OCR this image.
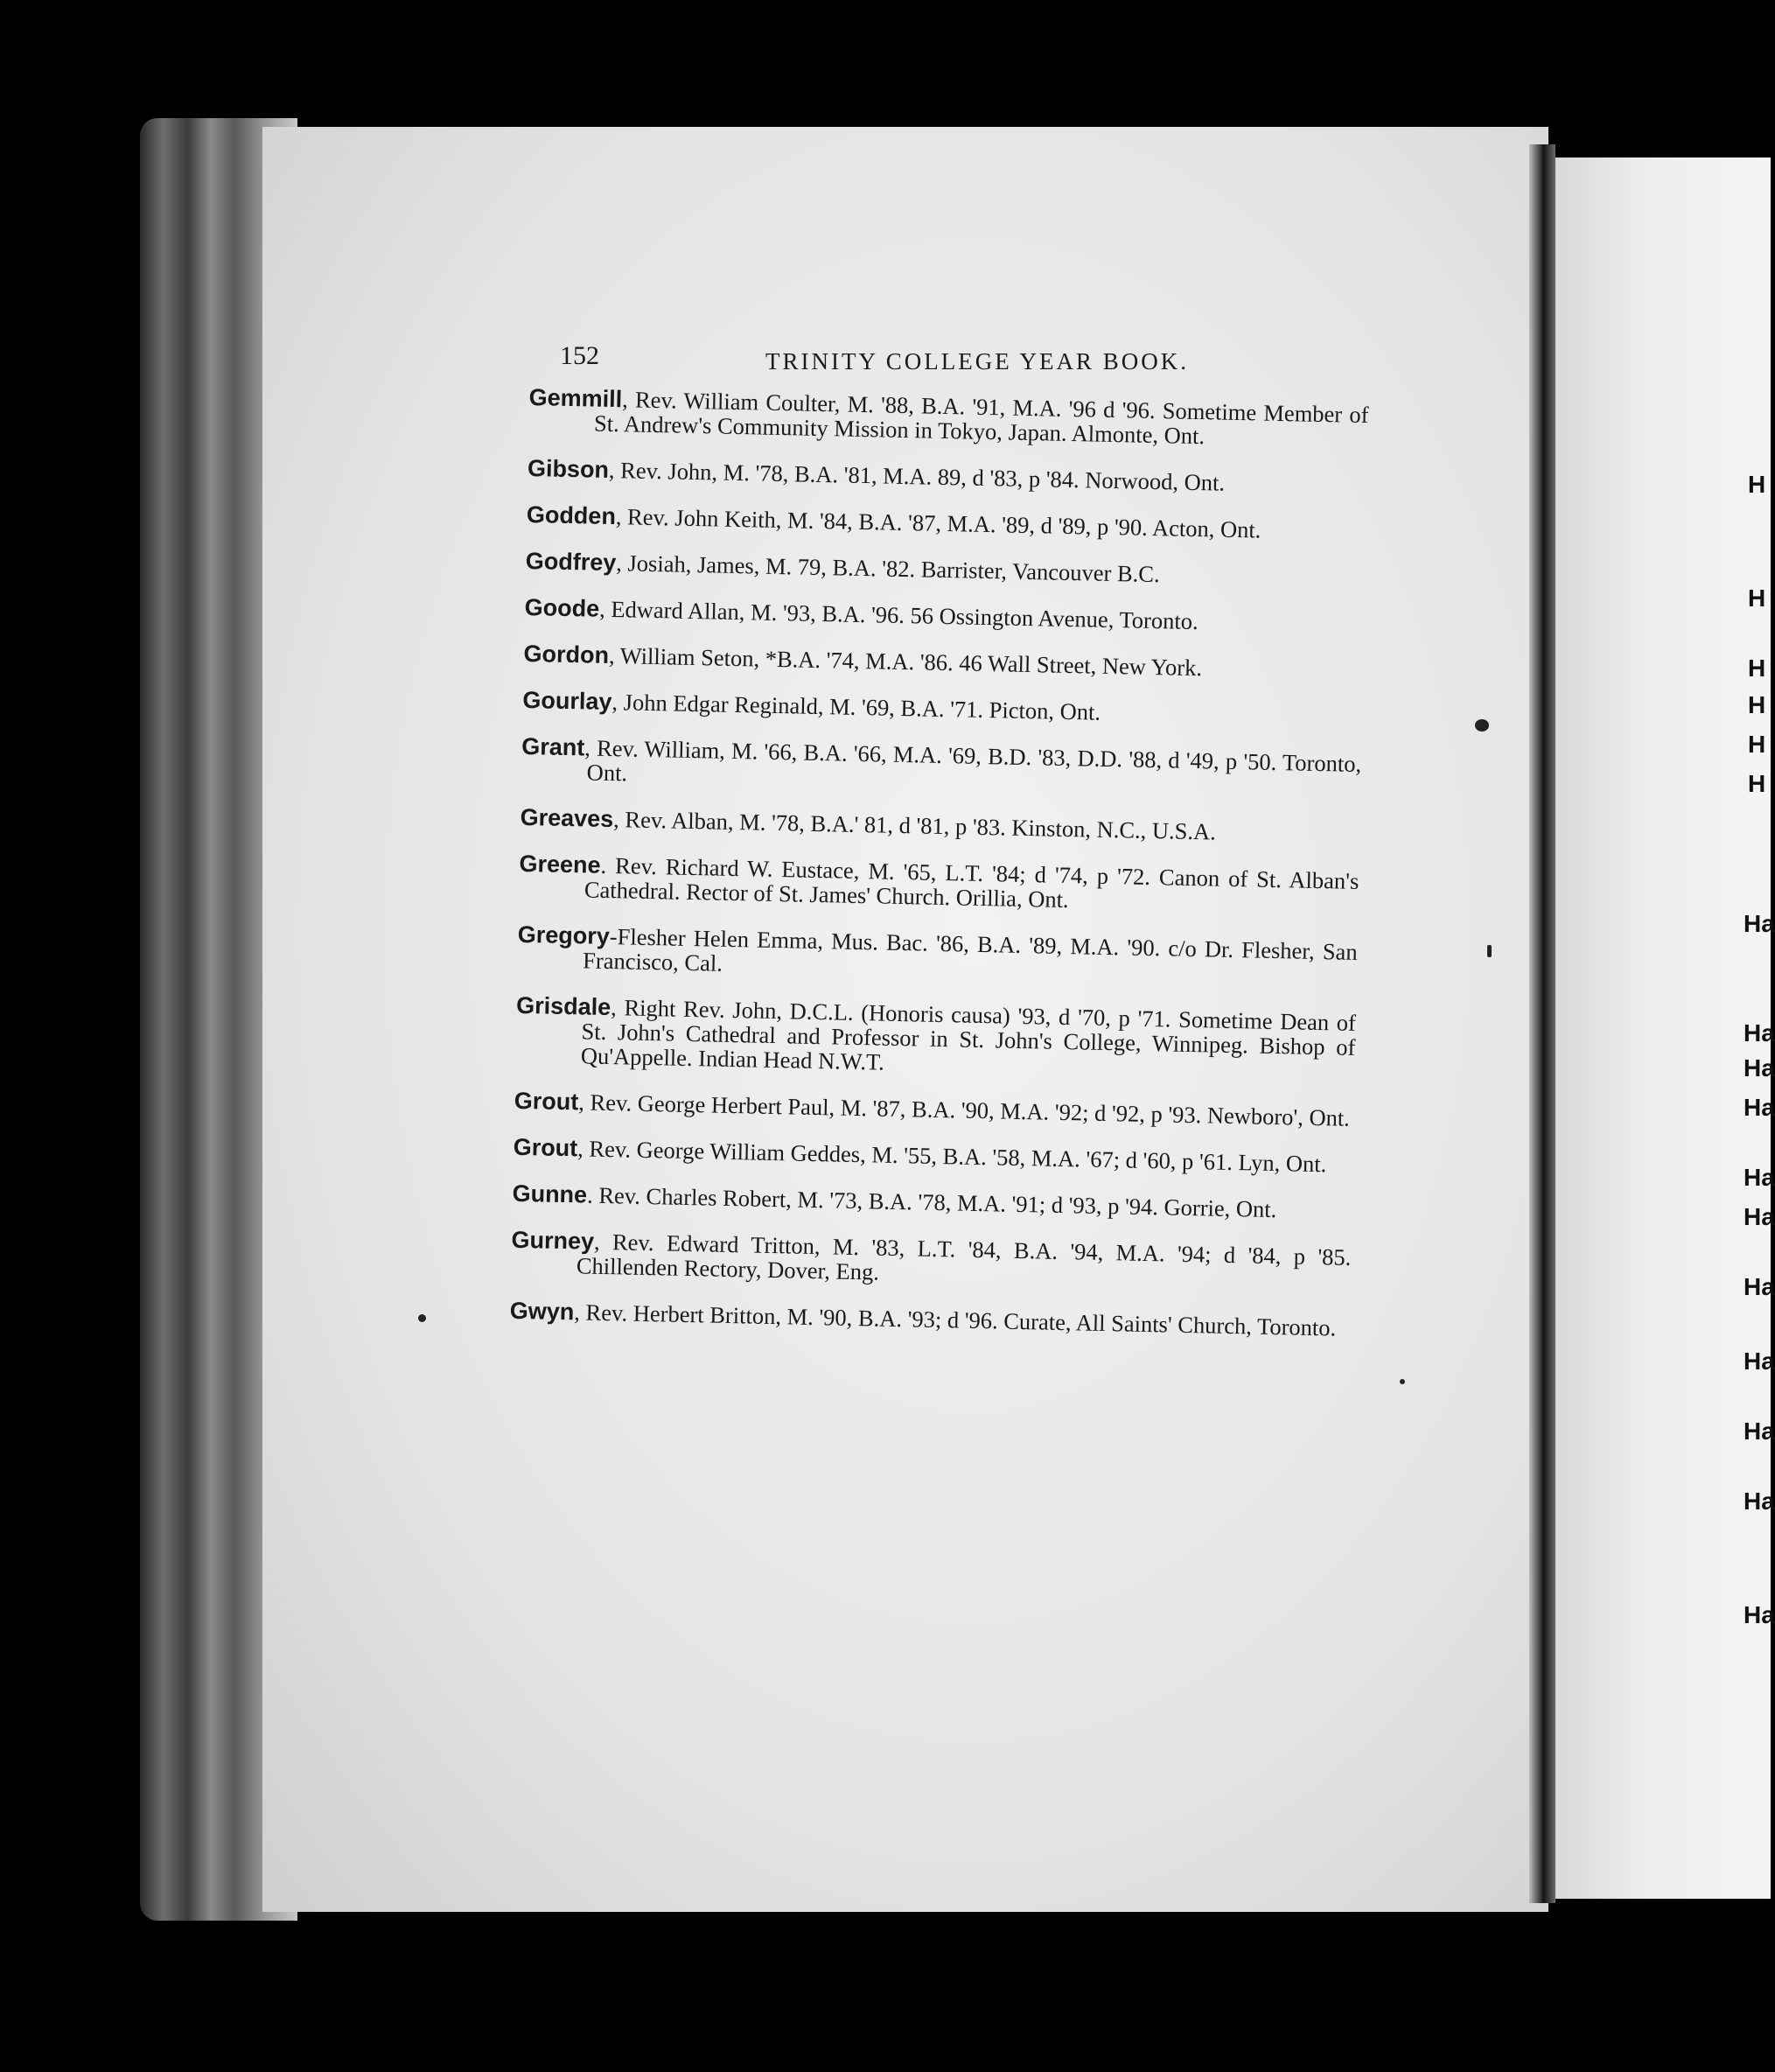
H
H
H
H
H
H
Ha
Ha
Ha
Ha
Ha
Ha
Ha
Ha
Ha
Ha
Ha
152	TRINITY COLLEGE YEAR BOOK.
Gemmill, Rev. William Coulter, M. '88, B.A. '91, M.A. '96 d '96. Sometime Member of St. Andrew's Community Mission in Tokyo, Japan. Almonte, Ont.
Gibson, Rev. John, M. '78, B.A. '81, M.A. 89, d '83, p '84. Norwood, Ont.
Godden, Rev. John Keith, M. '84, B.A. '87, M.A. '89, d '89, p '90. Acton, Ont.
Godfrey, Josiah, James, M. 79, B.A. '82. Barrister, Vancouver B.C.
Goode, Edward Allan, M. '93, B.A. '96. 56 Ossington Avenue, Toronto.
Gordon, William Seton, *B.A. '74, M.A. '86. 46 Wall Street, New York.
Gourlay, John Edgar Reginald, M. '69, B.A. '71. Picton, Ont.
Grant, Rev. William, M. '66, B.A. '66, M.A. '69, B.D. '83, D.D. '88, d '49, p '50. Toronto, Ont.
Greaves, Rev. Alban, M. '78, B.A.' 81, d '81, p '83. Kinston, N.C., U.S.A.
Greene. Rev. Richard W. Eustace, M. '65, L.T. '84; d '74, p '72. Canon of St. Alban's Cathedral. Rector of St. James' Church. Orillia, Ont.
Gregory-Flesher Helen Emma, Mus. Bac. '86, B.A. '89, M.A. '90. c/o Dr. Flesher, San Francisco, Cal.
Grisdale, Right Rev. John, D.C.L. (Honoris causa) '93, d '70, p '71. Sometime Dean of St. John's Cathedral and Professor in St. John's College, Winnipeg. Bishop of Qu'Appelle. Indian Head N.W.T.
Grout, Rev. George Herbert Paul, M. '87, B.A. '90, M.A. '92; d '92, p '93. Newboro', Ont.
Grout, Rev. George William Geddes, M. '55, B.A. '58, M.A. '67; d '60, p '61. Lyn, Ont.
Gunne. Rev. Charles Robert, M. '73, B.A. '78, M.A. '91; d '93, p '94. Gorrie, Ont.
Gurney, Rev. Edward Tritton, M. '83, L.T. '84, B.A. '94, M.A. '94; d '84, p '85. Chillenden Rectory, Dover, Eng.
Gwyn, Rev. Herbert Britton, M. '90, B.A. '93; d '96. Curate, All Saints' Church, Toronto.
